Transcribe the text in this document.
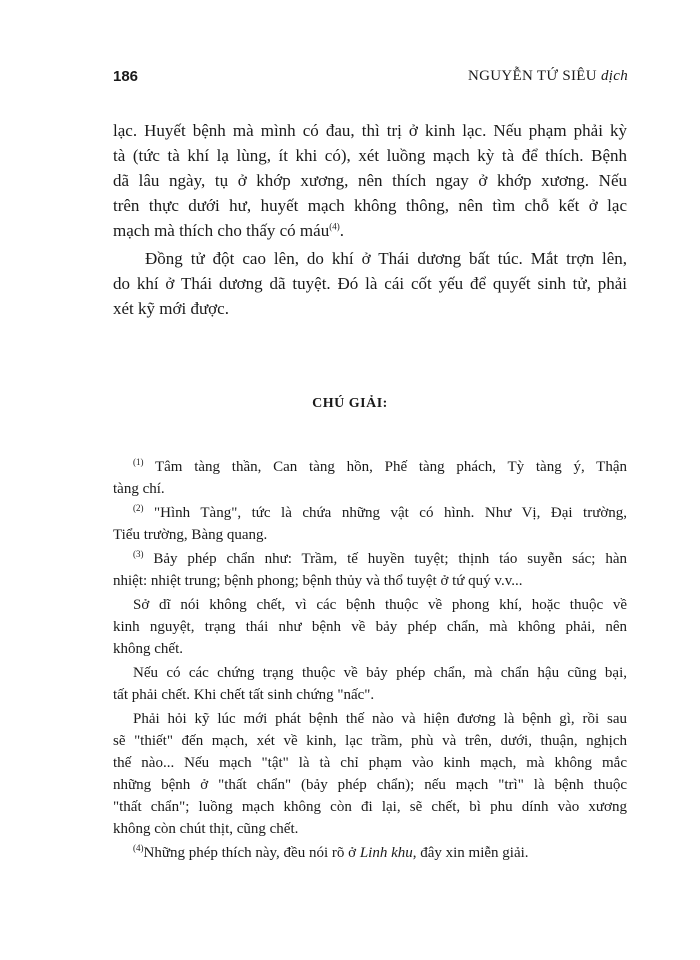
186	NGUYỄN TỨ SIÊU dịch
lạc. Huyết bệnh mà mình có đau, thì trị ở kinh lạc. Nếu phạm phải kỳ
tà (tức tà khí lạ lùng, ít khi có), xét luồng mạch kỳ tà để thích. Bệnh
dã lâu ngày, tụ ở khớp xương, nên thích ngay ở khớp xương. Nếu
trên thực dưới hư, huyết mạch không thông, nên tìm chỗ kết ở lạc
mạch mà thích cho thấy có máu$^{(4)}$.
Đồng tử đột cao lên, do khí ở Thái dương bất túc. Mắt trợn lên,
do khí ở Thái dương dã tuyệt. Đó là cái cốt yếu để quyết sinh tử, phải
xét kỹ mới được.
CHÚ GIẢI:
$^{(1)}$ Tâm tàng thần, Can tàng hồn, Phế tàng phách, Tỳ tàng ý, Thận
tàng chí.
$^{(2)}$ "Hình Tàng", tức là chứa những vật có hình. Như Vị, Đại trường,
Tiểu trường, Bàng quang.
$^{(3)}$ Bảy phép chẩn như: Trầm, tế huyền tuyệt; thịnh táo suyễn sác; hàn
nhiệt: nhiệt trung; bệnh phong; bệnh thủy và thổ tuyệt ở tứ quý v.v...
Sở dĩ nói không chết, vì các bệnh thuộc về phong khí, hoặc thuộc về
kinh nguyệt, trạng thái như bệnh về bảy phép chẩn, mà không phải, nên
không chết.
Nếu có các chứng trạng thuộc về bảy phép chẩn, mà chẩn hậu cũng bại,
tất phải chết. Khi chết tất sinh chứng "nấc".
Phải hỏi kỹ lúc mới phát bệnh thế nào và hiện đương là bệnh gì, rồi sau
sẽ "thiết" đến mạch, xét về kinh, lạc trầm, phù và trên, dưới, thuận, nghịch
thế nào... Nếu mạch "tật" là tà chỉ phạm vào kinh mạch, mà không mắc
những bệnh ở "thất chẩn" (bảy phép chẩn); nếu mạch "trì" là bệnh thuộc
"thất chẩn"; luồng mạch không còn đi lại, sẽ chết, bì phu dính vào xương
không còn chút thịt, cũng chết.
$^{(4)}$Những phép thích này, đều nói rõ ở Linh khu, đây xin miễn giải.
